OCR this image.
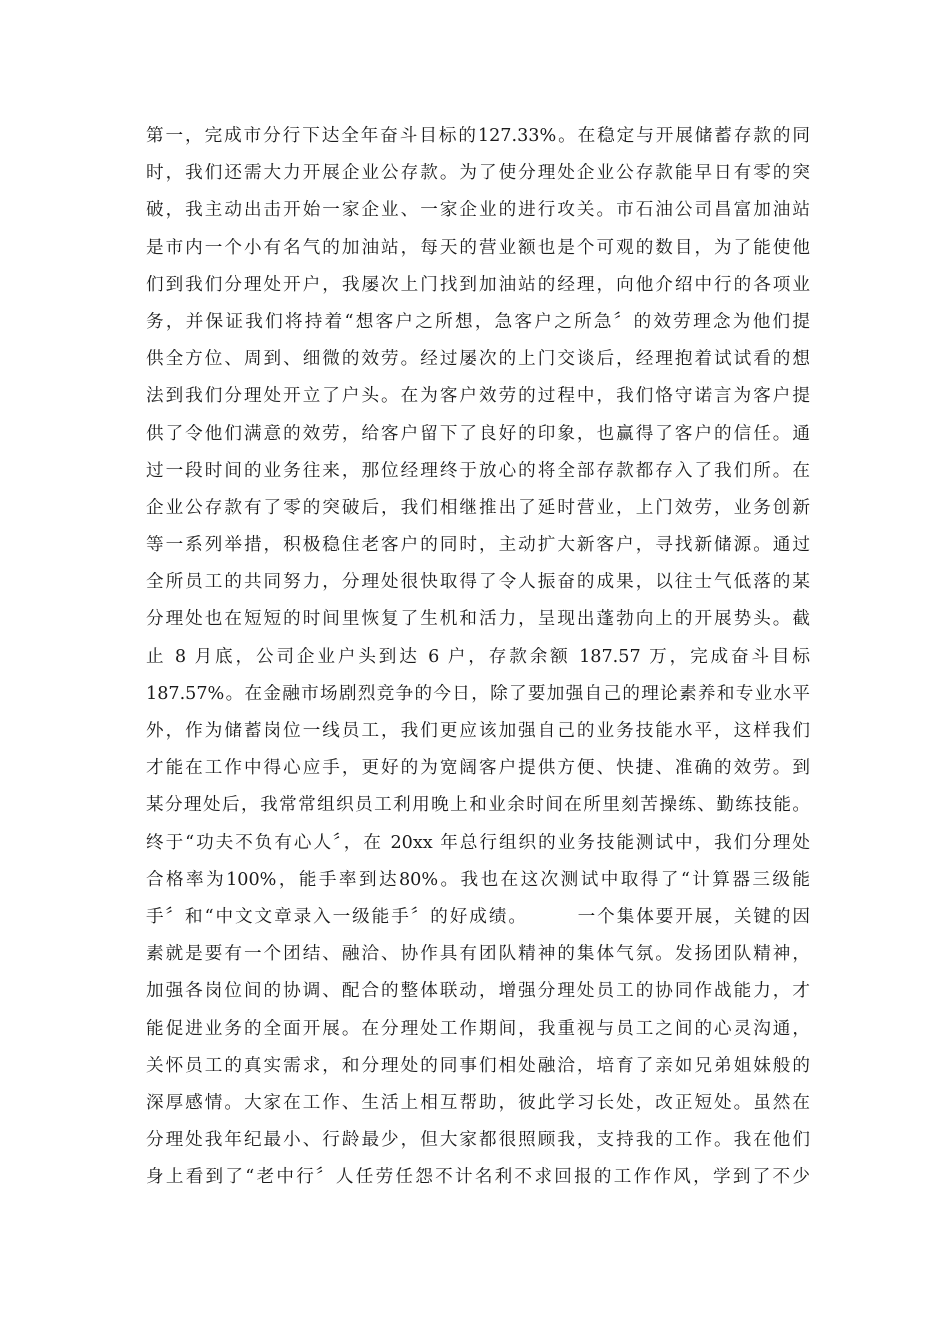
第一，完成市分行下达全年奋斗目标的127.33%。在稳定与开展储蓄存款的同
时，我们还需大力开展企业公存款。为了使分理处企业公存款能早日有零的突
破，我主动出击开始一家企业、一家企业的进行攻关。市石油公司昌富加油站
是市内一个小有名气的加油站，每天的营业额也是个可观的数目，为了能使他
们到我们分理处开户，我屡次上门找到加油站的经理，向他介绍中行的各项业
务，并保证我们将持着“想客户之所想，急客户之所急〞的效劳理念为他们提
供全方位、周到、细微的效劳。经过屡次的上门交谈后，经理抱着试试看的想
法到我们分理处开立了户头。在为客户效劳的过程中，我们恪守诺言为客户提
供了令他们满意的效劳，给客户留下了良好的印象，也赢得了客户的信任。通
过一段时间的业务往来，那位经理终于放心的将全部存款都存入了我们所。在
企业公存款有了零的突破后，我们相继推出了延时营业，上门效劳，业务创新
等一系列举措，积极稳住老客户的同时，主动扩大新客户，寻找新储源。通过
全所员工的共同努力，分理处很快取得了令人振奋的成果，以往士气低落的某
分理处也在短短的时间里恢复了生机和活力，呈现出蓬勃向上的开展势头。截
止 8 月底，公司企业户头到达 6 户，存款余额 187.57 万，完成奋斗目标
187.57%。在金融市场剧烈竞争的今日，除了要加强自己的理论素养和专业水平
外，作为储蓄岗位一线员工，我们更应该加强自己的业务技能水平，这样我们
才能在工作中得心应手，更好的为宽阔客户提供方便、快捷、准确的效劳。到
某分理处后，我常常组织员工利用晚上和业余时间在所里刻苦操练、勤练技能。
终于“功夫不负有心人〞，在 20xx 年总行组织的业务技能测试中，我们分理处
合格率为100%，能手率到达80%。我也在这次测试中取得了“计算器三级能
手〞和“中文文章录入一级能手〞的好成绩。　　　一个集体要开展，关键的因
素就是要有一个团结、融洽、协作具有团队精神的集体气氛。发扬团队精神，
加强各岗位间的协调、配合的整体联动，增强分理处员工的协同作战能力，才
能促进业务的全面开展。在分理处工作期间，我重视与员工之间的心灵沟通，
关怀员工的真实需求，和分理处的同事们相处融洽，培育了亲如兄弟姐妹般的
深厚感情。大家在工作、生活上相互帮助，彼此学习长处，改正短处。虽然在
分理处我年纪最小、行龄最少，但大家都很照顾我，支持我的工作。我在他们
身上看到了“老中行〞人任劳任怨不计名利不求回报的工作作风，学到了不少
